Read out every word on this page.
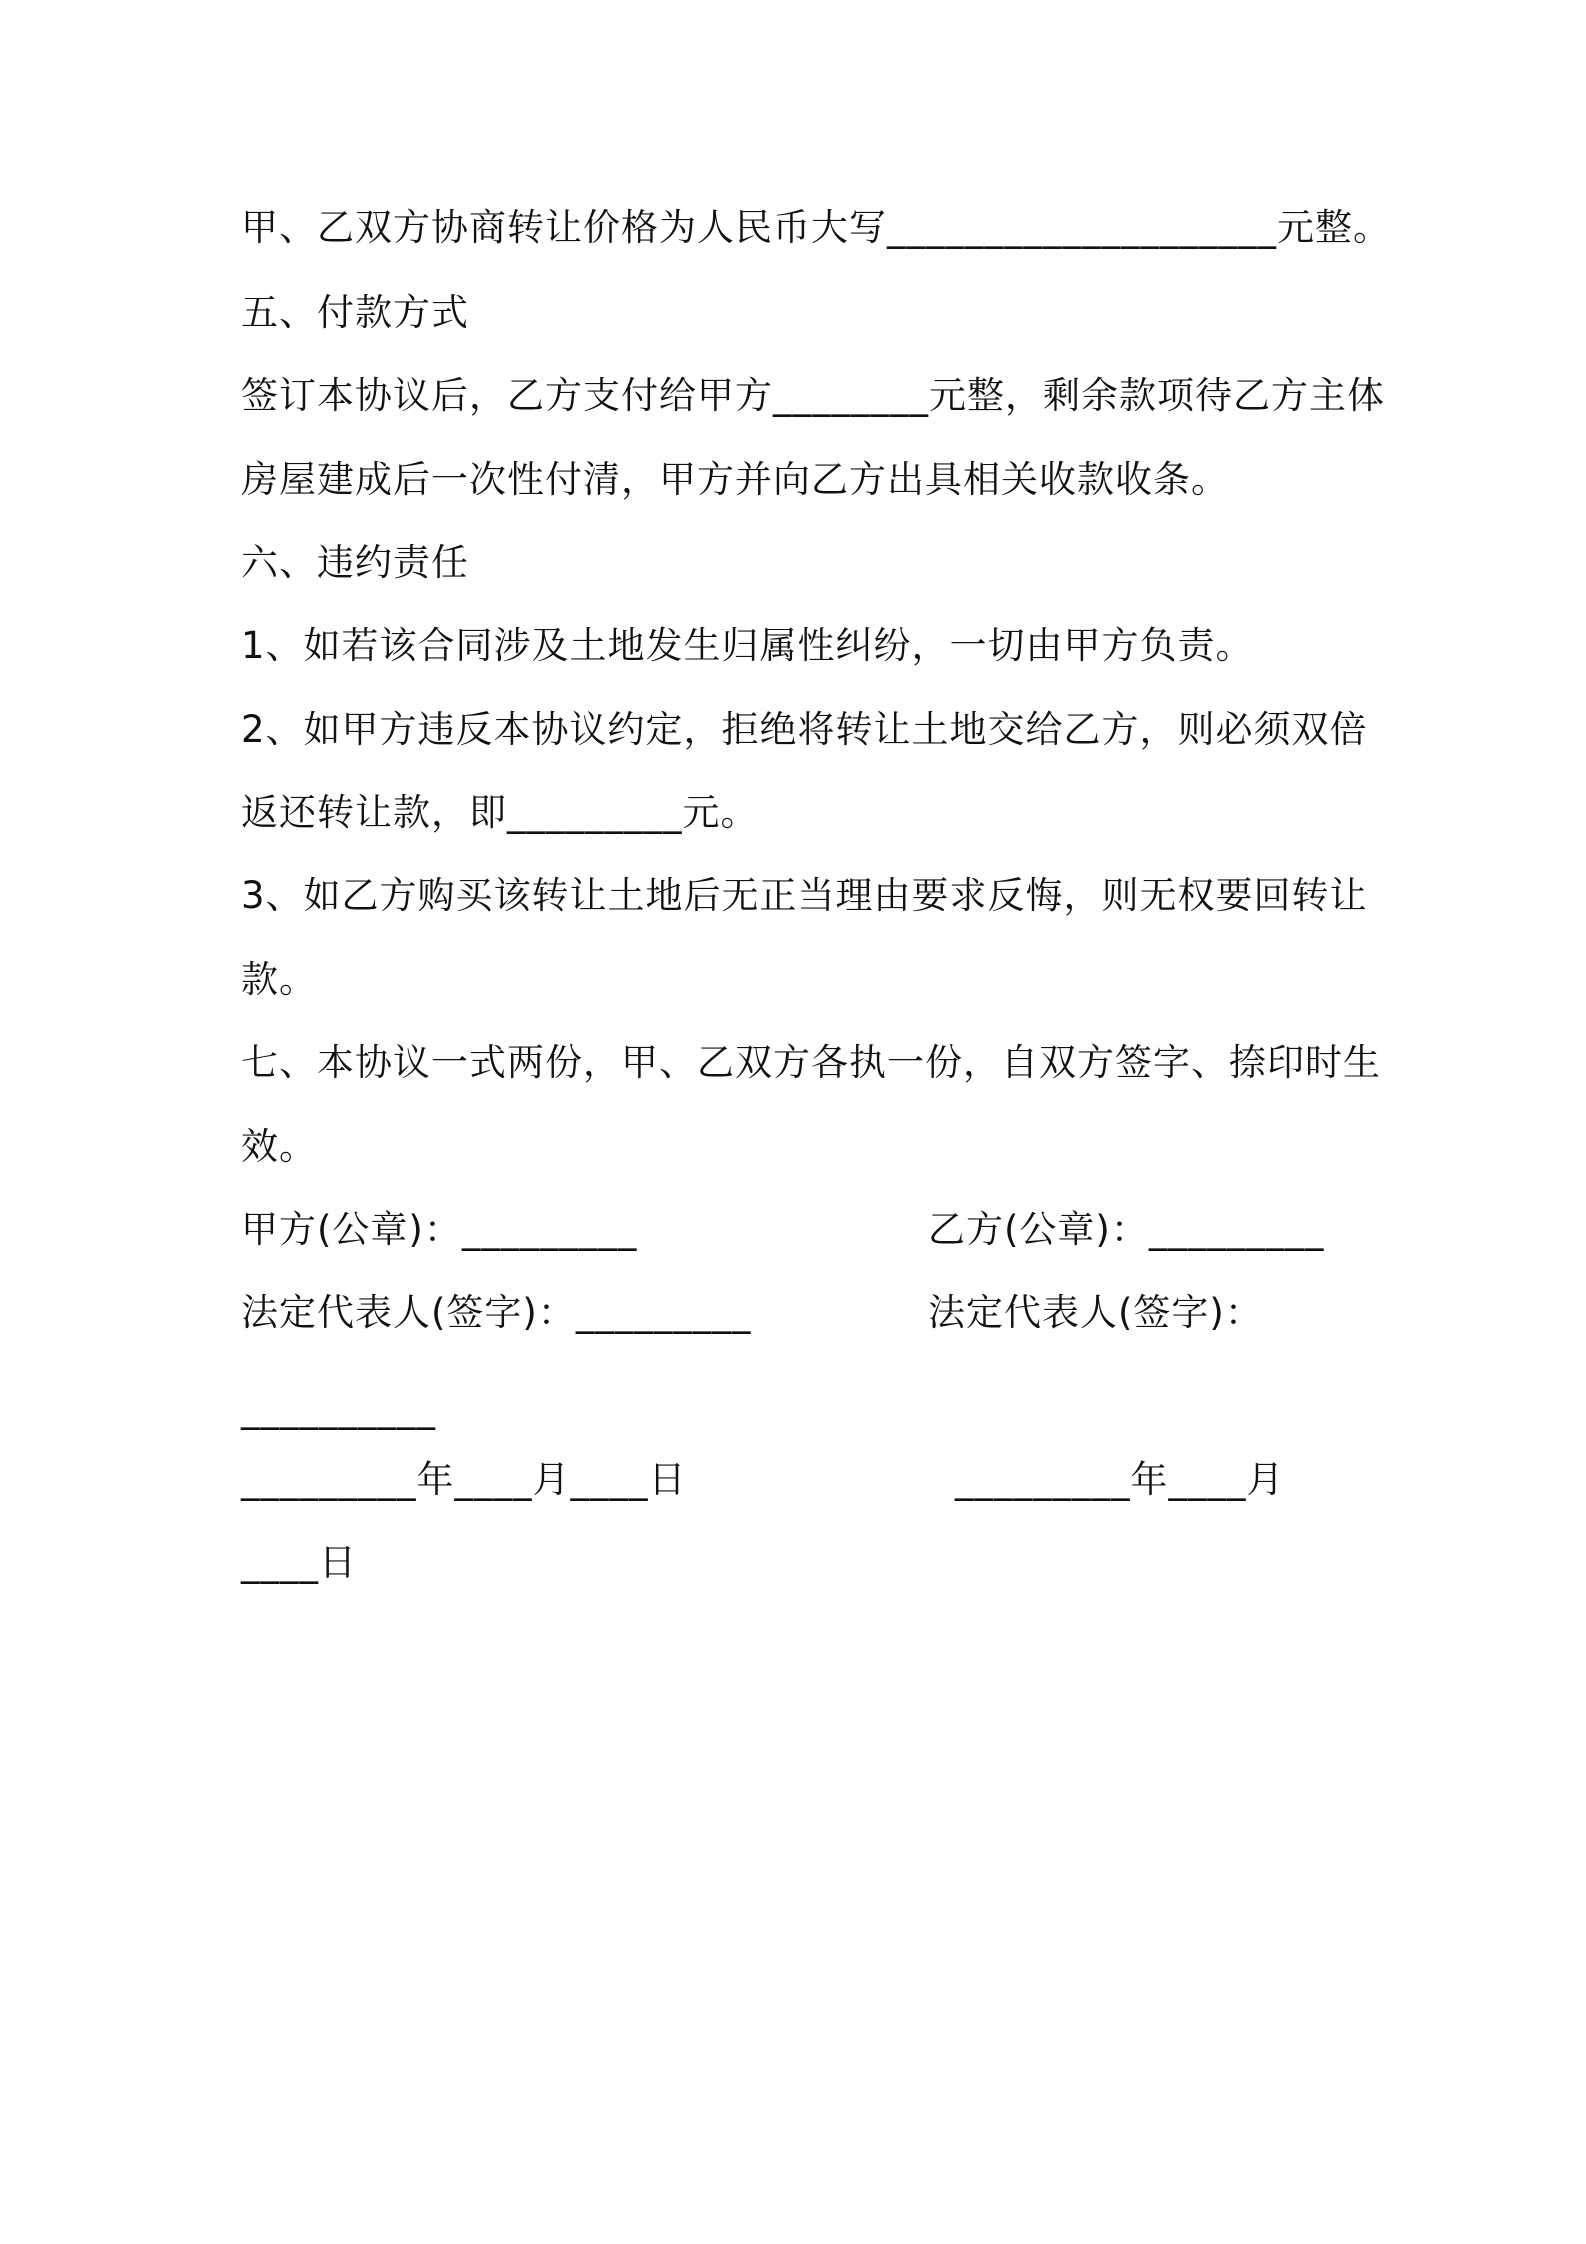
甲、乙双方协商转让价格为人民币大写____________________元整。
五、付款方式
签订本协议后，乙方支付给甲方________元整，剩余款项待乙方主体
房屋建成后一次性付清，甲方并向乙方出具相关收款收条。
六、违约责任
1、如若该合同涉及土地发生归属性纠纷，一切由甲方负责。
2、如甲方违反本协议约定，拒绝将转让土地交给乙方，则必须双倍
返还转让款，即_________元。
3、如乙方购买该转让土地后无正当理由要求反悔，则无权要回转让
款。
七、本协议一式两份，甲、乙双方各执一份，自双方签字、捺印时生
效。
甲方(公章)：_________	乙方(公章)：_________
法定代表人(签字)：_________	法定代表人(签字)：
__________
_________年____月____日	_________年____月
____日
